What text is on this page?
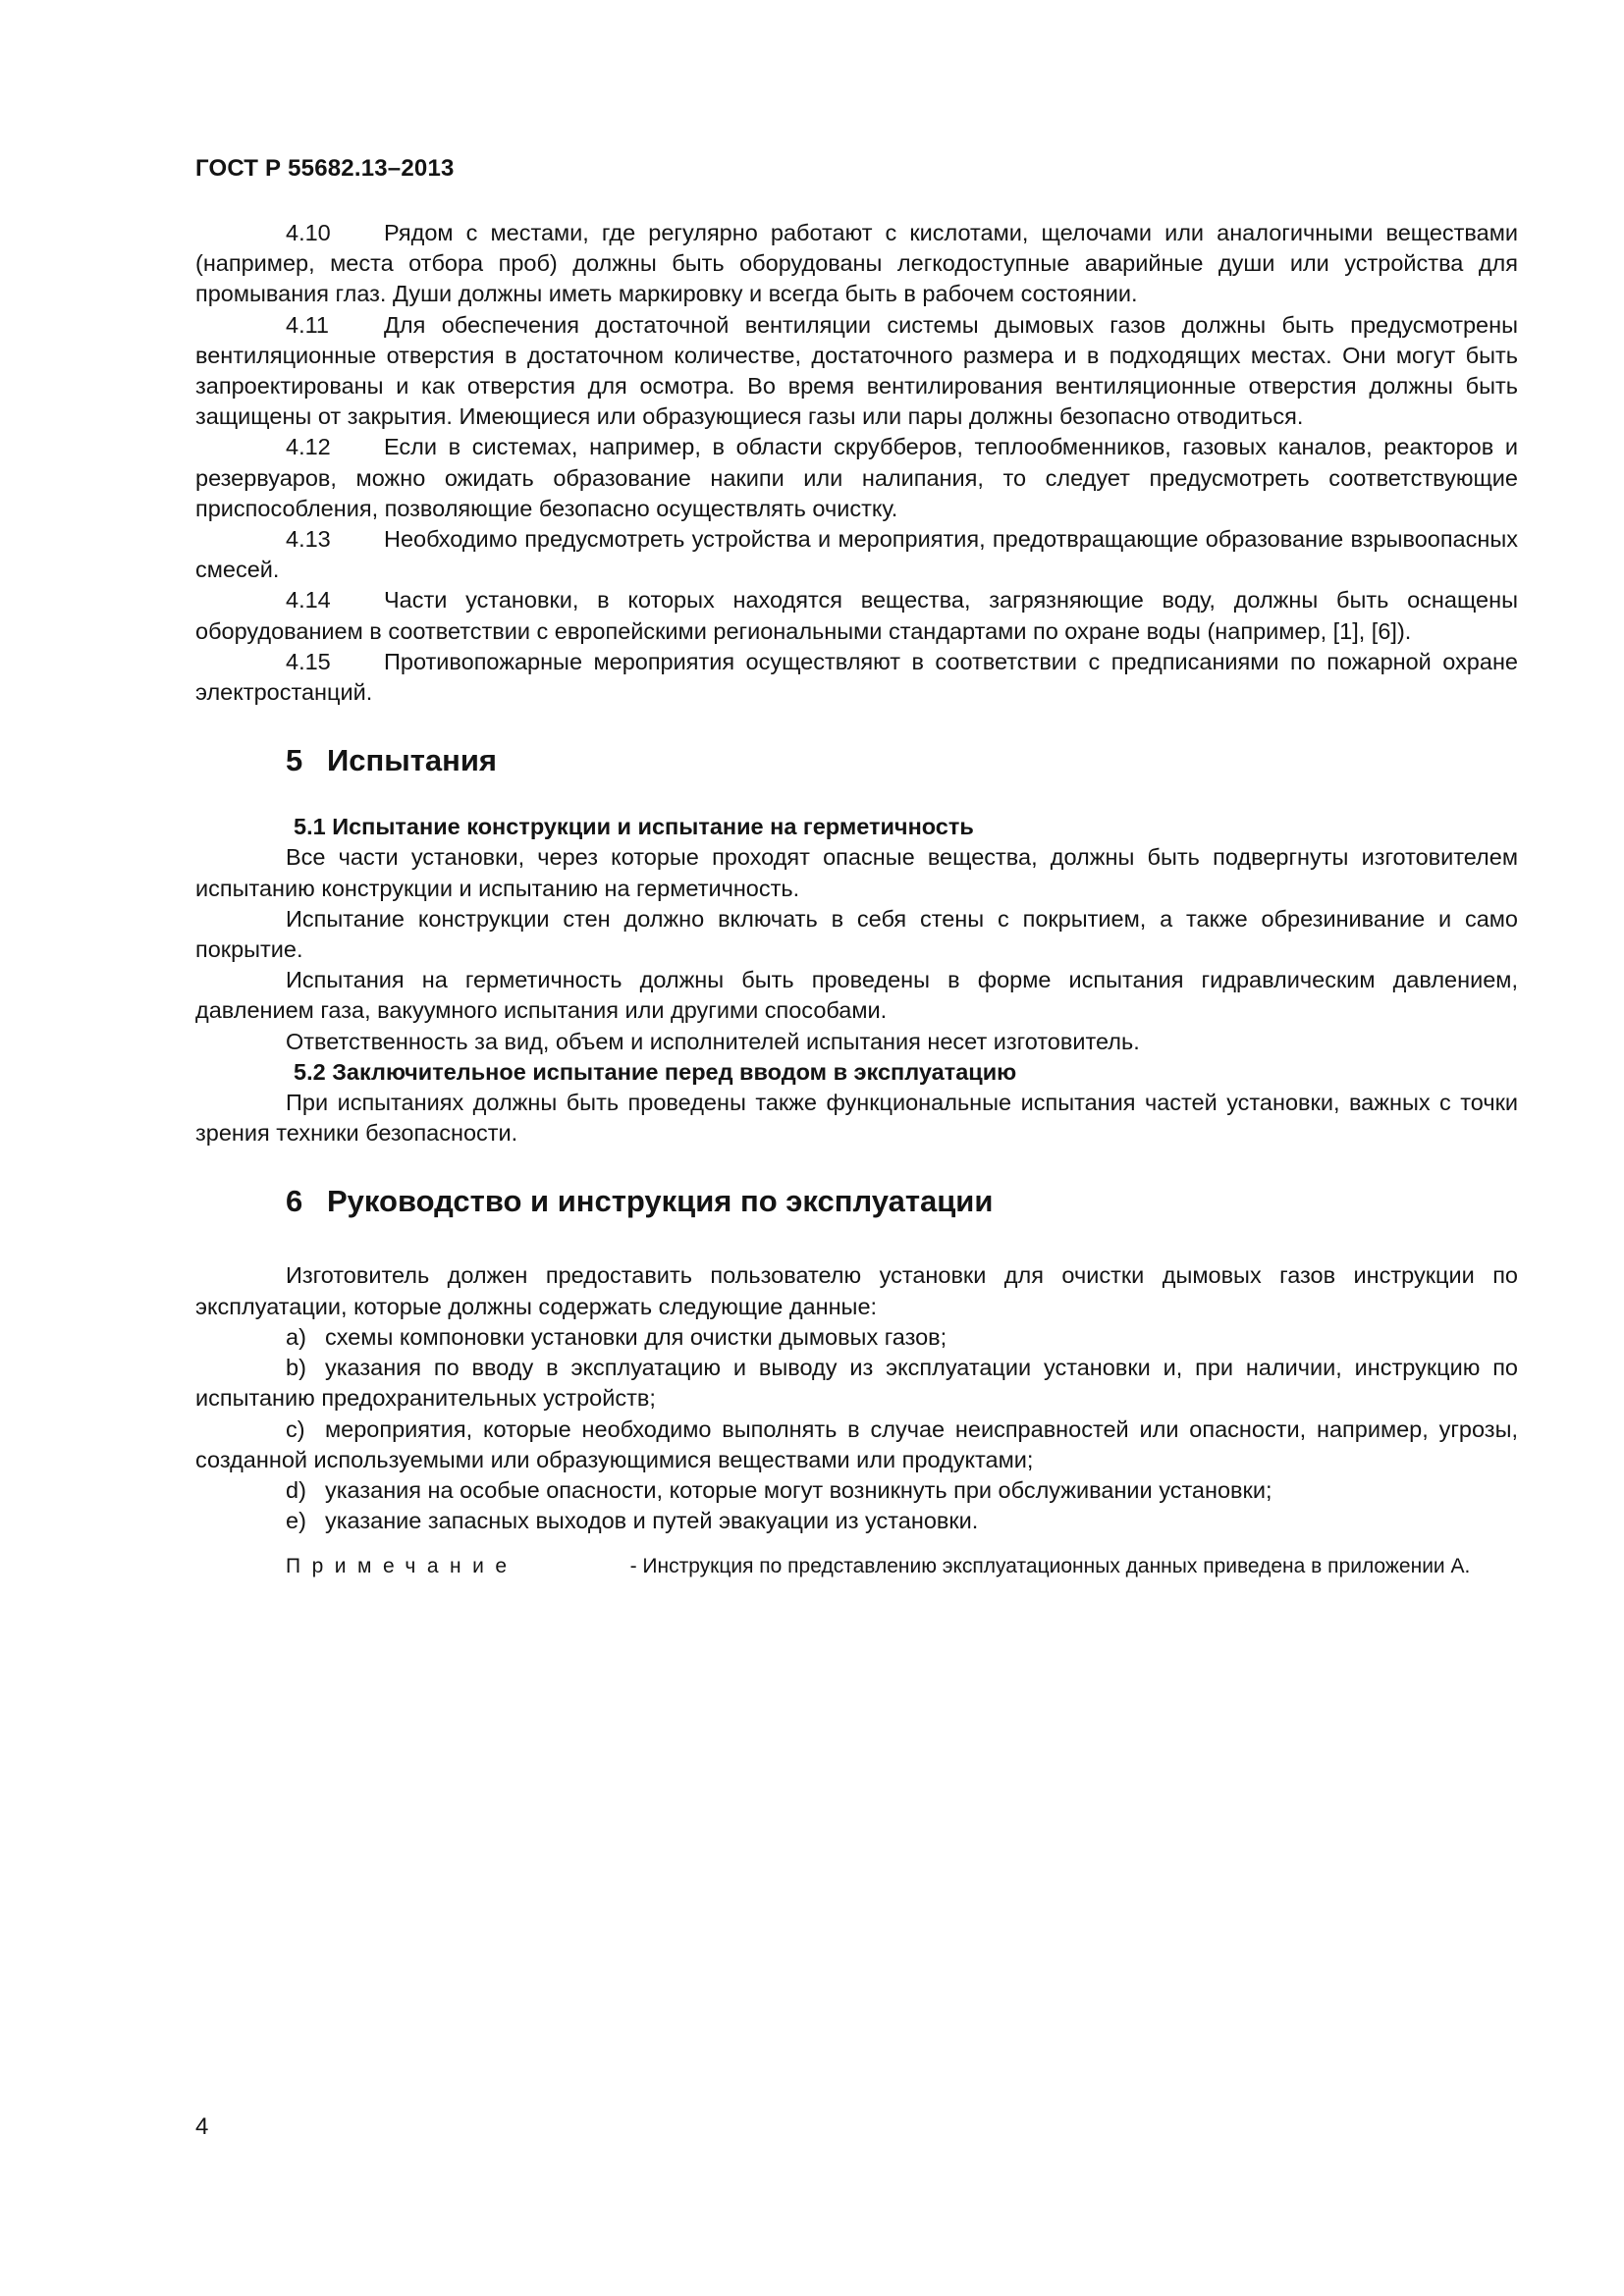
ГОСТ Р 55682.13–2013

4.10 Рядом с местами, где регулярно работают с кислотами, щелочами или аналогичными веществами (например, места отбора проб) должны быть оборудованы легкодоступные аварийные души или устройства для промывания глаз. Души должны иметь маркировку и всегда быть в рабочем состоянии.

4.11 Для обеспечения достаточной вентиляции системы дымовых газов должны быть предусмотрены вентиляционные отверстия в достаточном количестве, достаточного размера и в подходящих местах. Они могут быть запроектированы и как отверстия для осмотра. Во время вентилирования вентиляционные отверстия должны быть защищены от закрытия. Имеющиеся или образующиеся газы или пары должны безопасно отводиться.

4.12 Если в системах, например, в области скрубберов, теплообменников, газовых каналов, реакторов и резервуаров, можно ожидать образование накипи или налипания, то следует предусмотреть соответствующие приспособления, позволяющие безопасно осуществлять очистку.

4.13 Необходимо предусмотреть устройства и мероприятия, предотвращающие образование взрывоопасных смесей.

4.14 Части установки, в которых находятся вещества, загрязняющие воду, должны быть оснащены оборудованием в соответствии с европейскими региональными стандартами по охране воды (например, [1], [6]).

4.15 Противопожарные мероприятия осуществляют в соответствии с предписаниями по пожарной охране электростанций.

5 Испытания

5.1 Испытание конструкции и испытание на герметичность

Все части установки, через которые проходят опасные вещества, должны быть подвергнуты изготовителем испытанию конструкции и испытанию на герметичность.

Испытание конструкции стен должно включать в себя стены с покрытием, а также обрезинивание и само покрытие.

Испытания на герметичность должны быть проведены в форме испытания гидравлическим давлением, давлением газа, вакуумного испытания или другими способами.

Ответственность за вид, объем и исполнителей испытания несет изготовитель.

5.2 Заключительное испытание перед вводом в эксплуатацию

При испытаниях должны быть проведены также функциональные испытания частей установки, важных с точки зрения техники безопасности.

6 Руководство и инструкция по эксплуатации

Изготовитель должен предоставить пользователю установки для очистки дымовых газов инструкции по эксплуатации, которые должны содержать следующие данные:

a) схемы компоновки установки для очистки дымовых газов;

b) указания по вводу в эксплуатацию и выводу из эксплуатации установки и, при наличии, инструкцию по испытанию предохранительных устройств;

c) мероприятия, которые необходимо выполнять в случае неисправностей или опасности, например, угрозы, созданной используемыми или образующимися веществами или продуктами;

d) указания на особые опасности, которые могут возникнуть при обслуживании установки;

e) указание запасных выходов и путей эвакуации из установки.

Примечание	- Инструкция по представлению эксплуатационных данных приведена в приложении А.

4
